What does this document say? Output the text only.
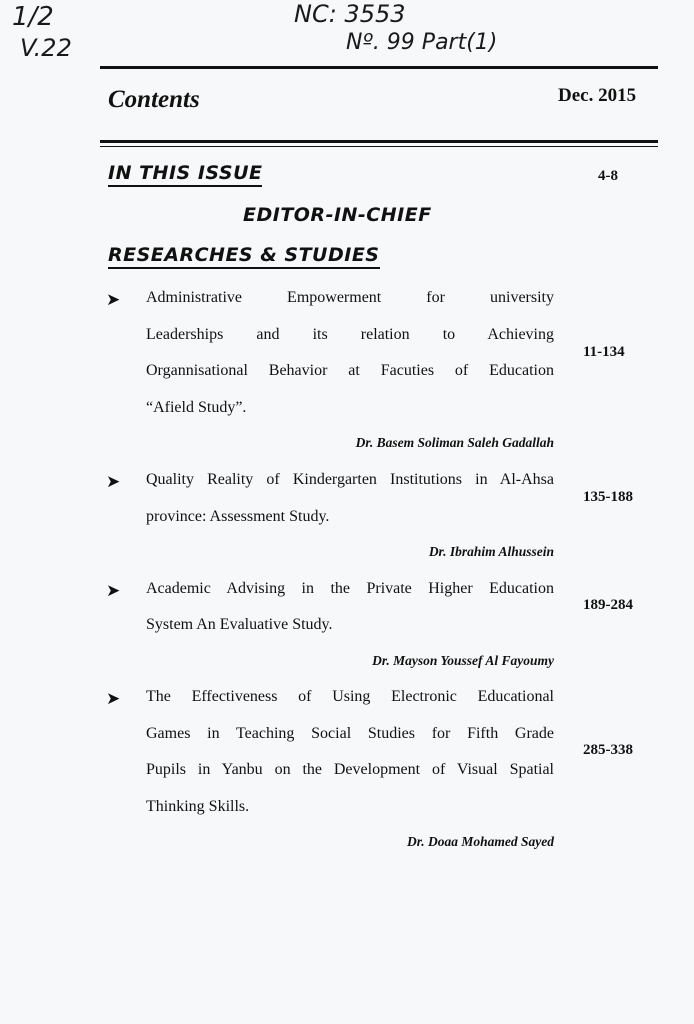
1/2
V.22
NC: 3553
Nº. 99 Part(1)
Contents	Dec. 2015
IN THIS ISSUE	4-8
EDITOR-IN-CHIEF
RESEARCHES & STUDIES
➤ Administrative Empowerment for university
Leaderships and its relation to Achieving
Organnisational Behavior at Facuties of Education
“Afield Study”.
11-134
Dr. Basem Soliman Saleh Gadallah
➤ Quality Reality of Kindergarten Institutions in Al-Ahsa
province: Assessment Study.
135-188
Dr. Ibrahim Alhussein
➤ Academic Advising in the Private Higher Education
System An Evaluative Study.
189-284
Dr. Mayson Youssef Al Fayoumy
➤ The Effectiveness of Using Electronic Educational
Games in Teaching Social Studies for Fifth Grade
Pupils in Yanbu on the Development of Visual Spatial
Thinking Skills.
285-338
Dr. Doaa Mohamed Sayed
